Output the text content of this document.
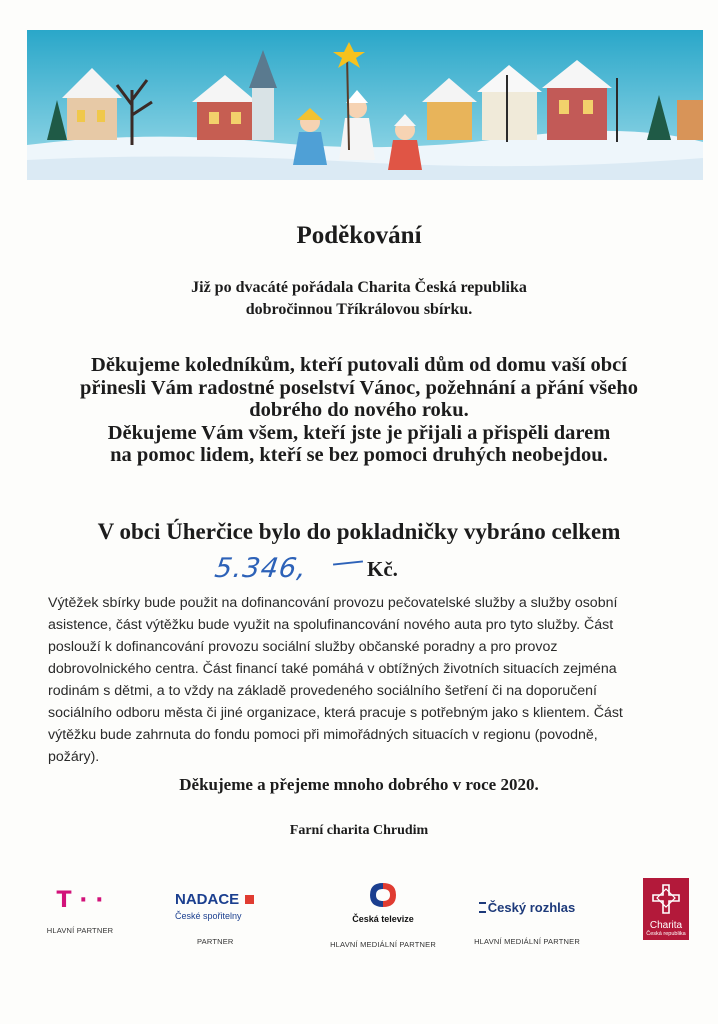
Poděkování
Již po dvacáté pořádala Charita Česká republika
dobročinnou Tříkrálovou sbírku.
Děkujeme koledníkům, kteří putovali dům od domu vaší obcí
přinesli Vám radostné poselství Vánoc, požehnání a přání všeho
dobrého do nového roku.
Děkujeme Vám všem, kteří jste je přijali a přispěli darem
na pomoc lidem, kteří se bez pomoci druhých neobejdou.
V obci Úherčice bylo do pokladničky vybráno celkem
5.346,	Kč.
Výtěžek sbírky bude použit na dofinancování provozu pečovatelské služby a služby osobní
asistence, část výtěžku bude využit na spolufinancování nového auta pro tyto služby. Část
poslouží k dofinancování provozu sociální služby občanské poradny a pro provoz
dobrovolnického centra. Část financí také pomáhá v obtížných životních situacích zejména
rodinám s dětmi, a to vždy na základě provedeného sociálního šetření či na doporučení
sociálního odboru města či jiné organizace, která pracuje s potřebným jako s klientem. Část
výtěžku bude zahrnuta do fondu pomoci při mimořádných situacích v regionu (povodně,
požáry).
Děkujeme a přejeme mnoho dobrého v roce 2020.
Farní charita Chrudim
T · ·
HLAVNÍ PARTNER
NADACE
České spořitelny
PARTNER
Česká televize
HLAVNÍ MEDIÁLNÍ PARTNER
Český rozhlas
HLAVNÍ MEDIÁLNÍ PARTNER
Charita
Česká republika
